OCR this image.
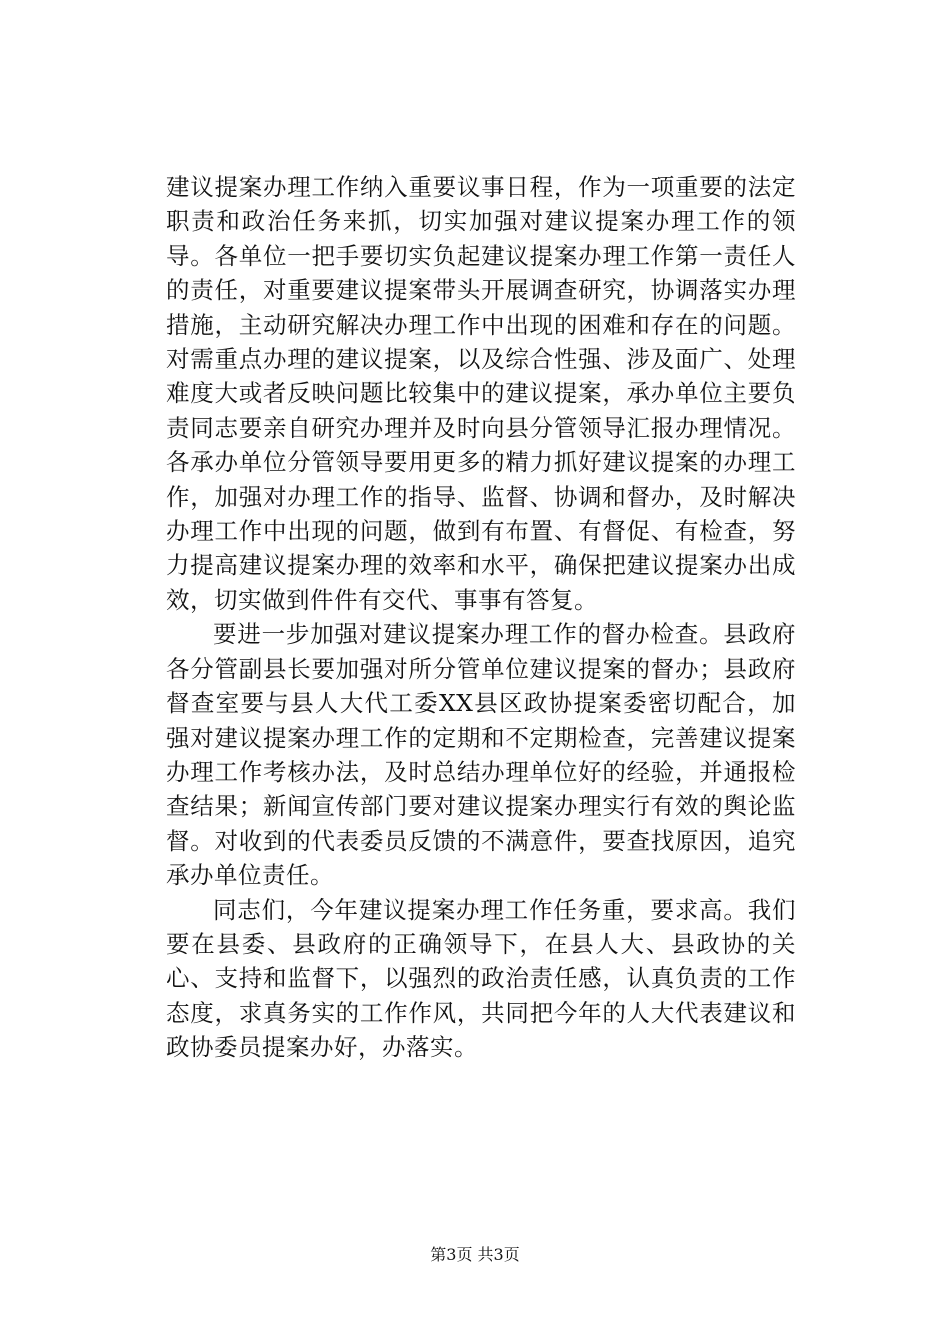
建议提案办理工作纳入重要议事日程，作为一项重要的法定职责和政治任务来抓，切实加强对建议提案办理工作的领导。各单位一把手要切实负起建议提案办理工作第一责任人的责任，对重要建议提案带头开展调查研究，协调落实办理措施，主动研究解决办理工作中出现的困难和存在的问题。对需重点办理的建议提案，以及综合性强、涉及面广、处理难度大或者反映问题比较集中的建议提案，承办单位主要负责同志要亲自研究办理并及时向县分管领导汇报办理情况。各承办单位分管领导要用更多的精力抓好建议提案的办理工作，加强对办理工作的指导、监督、协调和督办，及时解决办理工作中出现的问题，做到有布置、有督促、有检查，努力提高建议提案办理的效率和水平，确保把建议提案办出成效，切实做到件件有交代、事事有答复。

要进一步加强对建议提案办理工作的督办检查。县政府各分管副县长要加强对所分管单位建议提案的督办；县政府督查室要与县人大代工委XX县区政协提案委密切配合，加强对建议提案办理工作的定期和不定期检查，完善建议提案办理工作考核办法，及时总结办理单位好的经验，并通报检查结果；新闻宣传部门要对建议提案办理实行有效的舆论监督。对收到的代表委员反馈的不满意件，要查找原因，追究承办单位责任。

同志们，今年建议提案办理工作任务重，要求高。我们要在县委、县政府的正确领导下，在县人大、县政协的关心、支持和监督下，以强烈的政治责任感，认真负责的工作态度，求真务实的工作作风，共同把今年的人大代表建议和政协委员提案办好，办落实。

第3页 共3页
